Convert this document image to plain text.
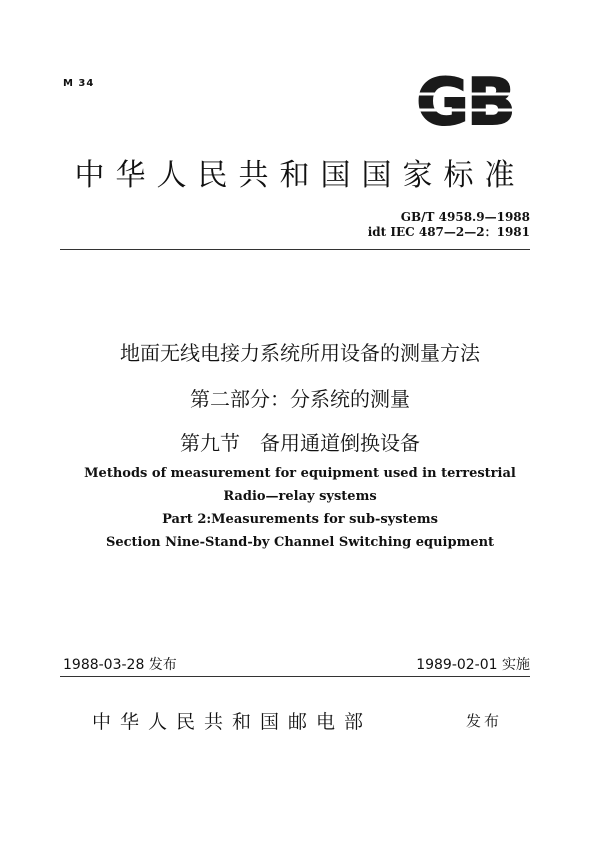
M 34	GB
中华人民共和国国家标准
GB/T 4958.9—1988
idt IEC 487—2—2：1981
地面无线电接力系统所用设备的测量方法
第二部分：分系统的测量
第九节　备用通道倒换设备
Methods of measurement for equipment used in terrestrial
Radio—relay systems
Part 2:Measurements for sub-systems
Section Nine-Stand-by Channel Switching equipment
1988-03-28 发布	1989-02-01 实施
中华人民共和国邮电部	发布
